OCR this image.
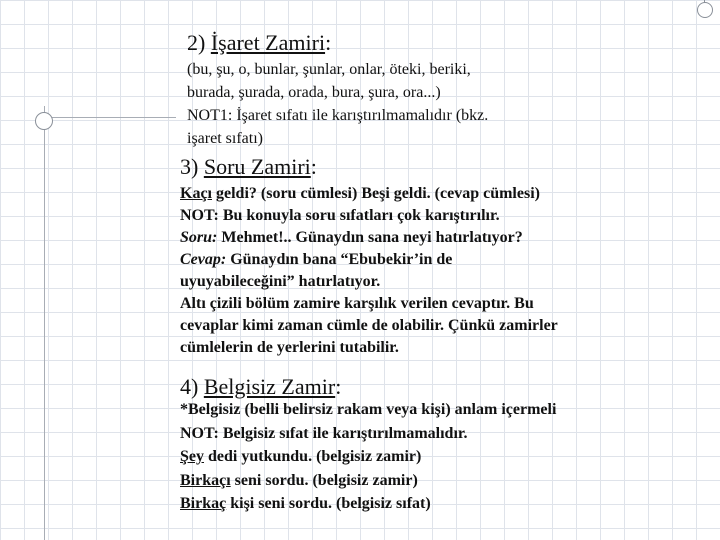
2) İşaret Zamiri:
(bu, şu, o, bunlar, şunlar, onlar, öteki, beriki,
burada, şurada, orada, bura, şura, ora...)
NOT1: İşaret sıfatı ile karıştırılmamalıdır (bkz.
işaret sıfatı)
3) Soru Zamiri:
Kaçı geldi? (soru cümlesi) Beşi geldi. (cevap cümlesi)
NOT: Bu konuyla soru sıfatları çok karıştırılır.
Soru: Mehmet!.. Günaydın sana neyi hatırlatıyor?
Cevap: Günaydın bana “Ebubekir’in de
uyuyabileceğini” hatırlatıyor.
Altı çizili bölüm zamire karşılık verilen cevaptır. Bu
cevaplar kimi zaman cümle de olabilir. Çünkü zamirler
cümlelerin de yerlerini tutabilir.
4) Belgisiz Zamir:
*Belgisiz (belli belirsiz rakam veya kişi) anlam içermeli
NOT: Belgisiz sıfat ile karıştırılmamalıdır.
Şey dedi yutkundu. (belgisiz zamir)
Birkaçı seni sordu. (belgisiz zamir)
Birkaç kişi seni sordu. (belgisiz sıfat)
